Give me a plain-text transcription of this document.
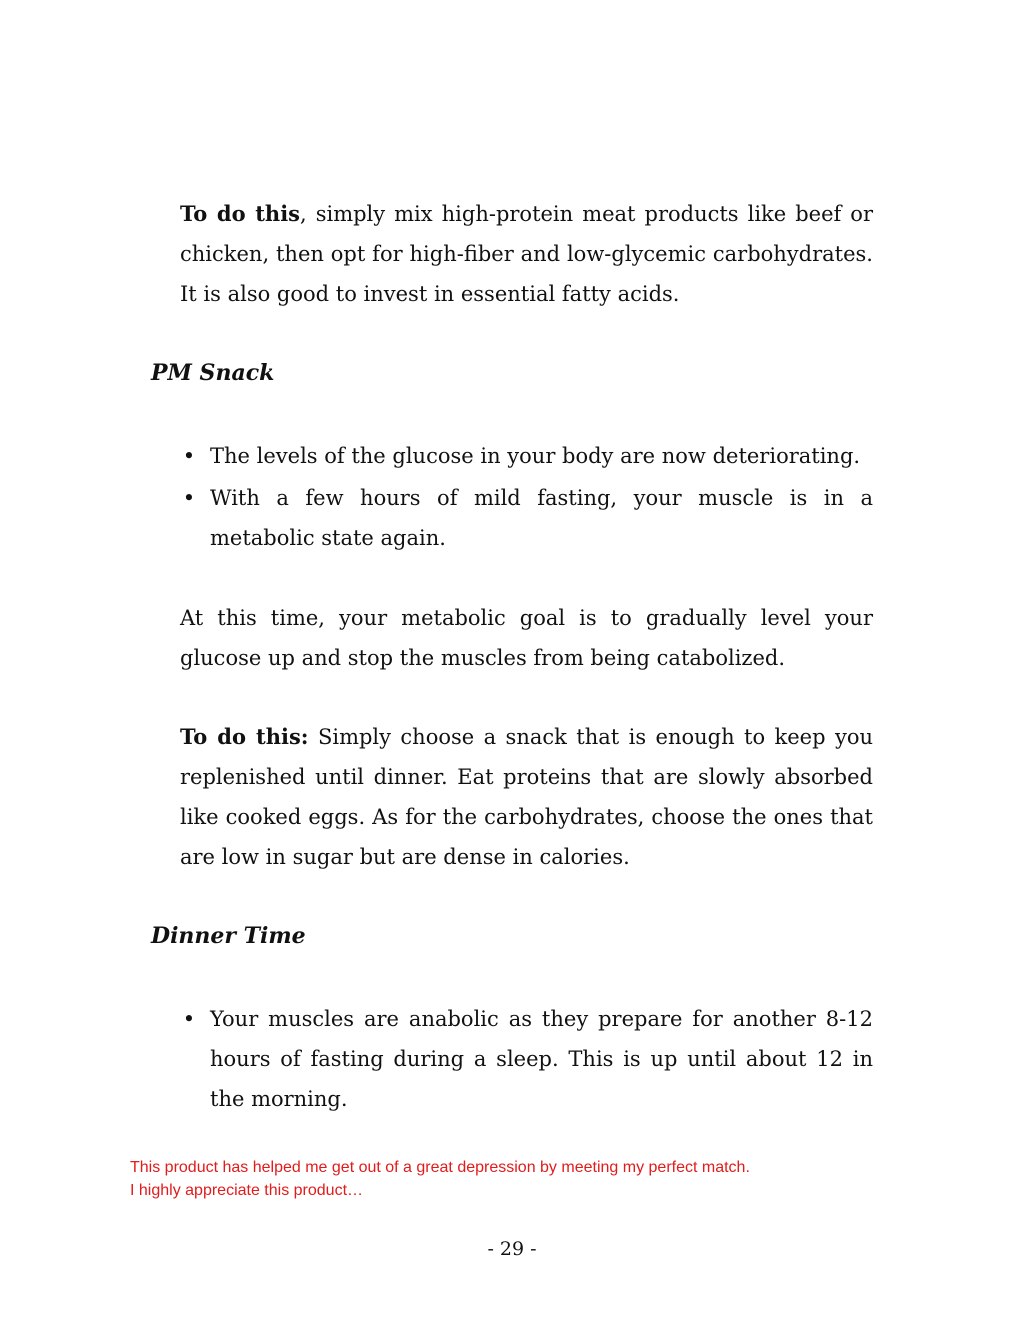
To do this, simply mix high-protein meat products like beef or chicken, then opt for high-fiber and low-glycemic carbohydrates. It is also good to invest in essential fatty acids.

PM Snack
• The levels of the glucose in your body are now deteriorating.
• With a few hours of mild fasting, your muscle is in a metabolic state again.

At this time, your metabolic goal is to gradually level your glucose up and stop the muscles from being catabolized.

To do this: Simply choose a snack that is enough to keep you replenished until dinner. Eat proteins that are slowly absorbed like cooked eggs. As for the carbohydrates, choose the ones that are low in sugar but are dense in calories.

Dinner Time
• Your muscles are anabolic as they prepare for another 8-12 hours of fasting during a sleep. This is up until about 12 in the morning.

This product has helped me get out of a great depression by meeting my perfect match.
I highly appreciate this product…

- 29 -
